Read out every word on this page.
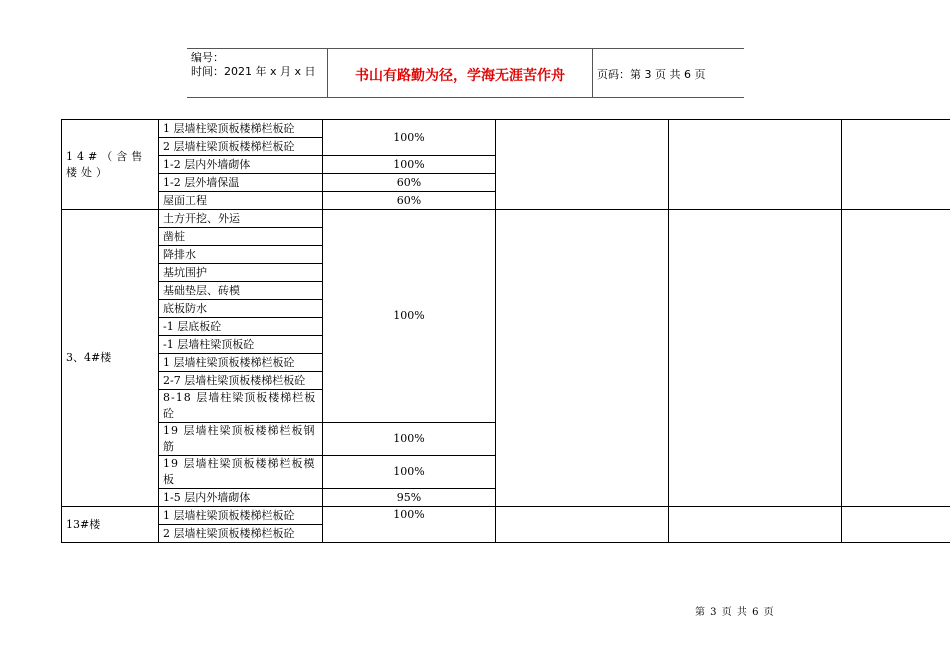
编号：
时间：2021 年 x 月 x 日	书山有路勤为径，学海无涯苦作舟	页码：第 3 页 共 6 页
14#（含售楼处）	1 层墙柱梁顶板楼梯栏板砼	100%			
	2 层墙柱梁顶板楼梯栏板砼				
	1-2 层内外墙砌体	100%			
	1-2 层外墙保温	60%			
	屋面工程	60%			
3、4#楼	土方开挖、外运	100%			
	凿桩				
	降排水				
	基坑围护				
	基础垫层、砖模				
	底板防水				
	-1 层底板砼				
	-1 层墙柱梁顶板砼				
	1 层墙柱梁顶板楼梯栏板砼				
	2-7 层墙柱梁顶板楼梯栏板砼				
	8-18 层墙柱梁顶板楼梯栏板砼				
	19 层墙柱梁顶板楼梯栏板钢筋	100%			
	19 层墙柱梁顶板楼梯栏板模板	100%			
	1-5 层内外墙砌体	95%			
13#楼	1 层墙柱梁顶板楼梯栏板砼	100%			
	2 层墙柱梁顶板楼梯栏板砼				
第 3 页 共 6 页
